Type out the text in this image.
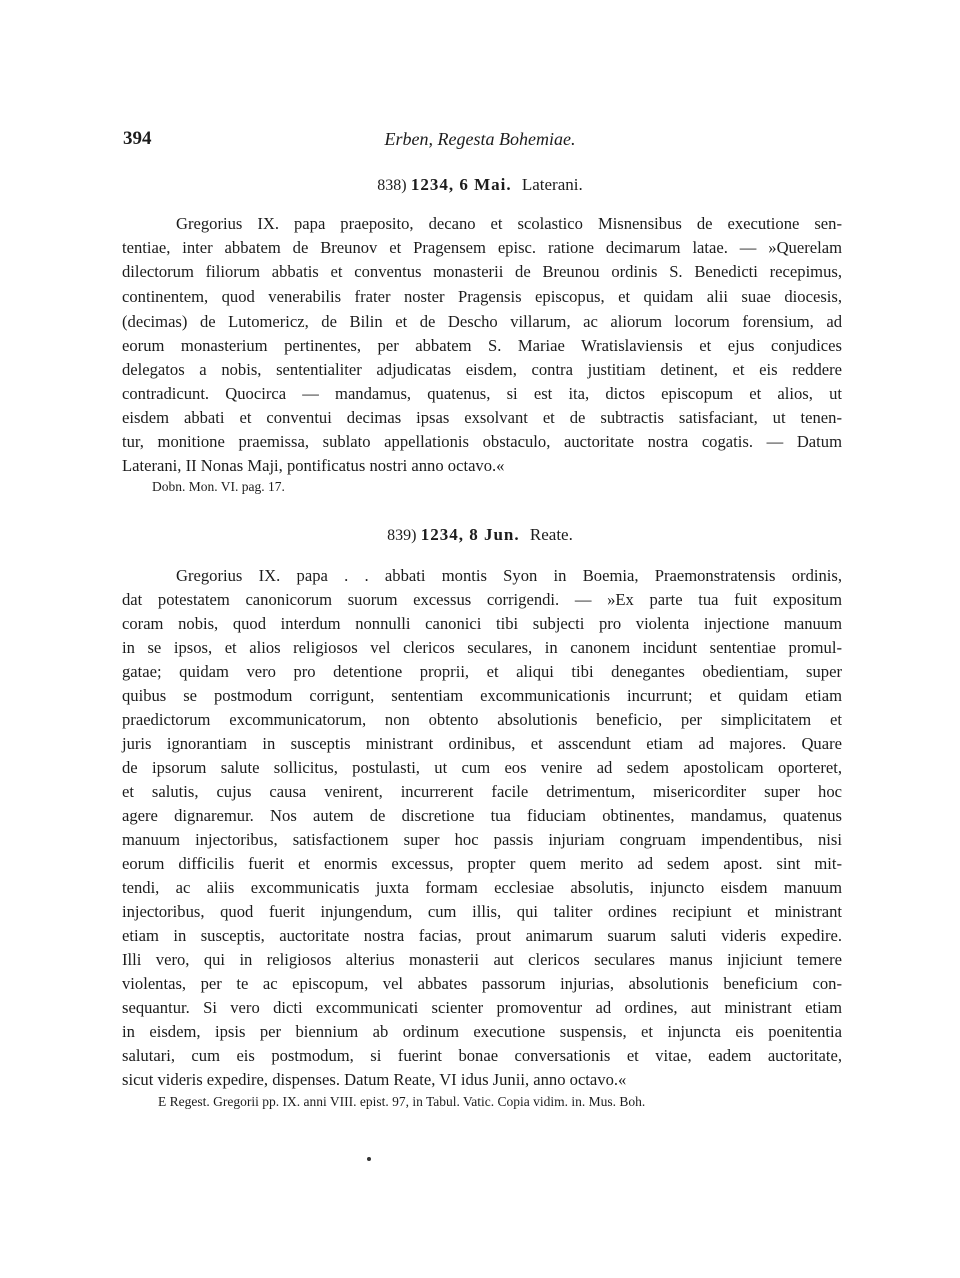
394	Erben, Regesta Bohemiae.
838) 1234, 6 Mai. Laterani.
Gregorius IX. papa praeposito, decano et scolastico Misnensibus de executione sen-
tentiae, inter abbatem de Breunov et Pragensem episc. ratione decimarum latae. — »Querelam
dilectorum filiorum abbatis et conventus monasterii de Breunou ordinis S. Benedicti recepimus,
continentem, quod venerabilis frater noster Pragensis episcopus, et quidam alii suae diocesis,
(decimas) de Lutomericz, de Bilin et de Descho villarum, ac aliorum locorum forensium, ad
eorum monasterium pertinentes, per abbatem S. Mariae Wratislaviensis et ejus conjudices
delegatos a nobis, sententialiter adjudicatas eisdem, contra justitiam detinent, et eis reddere
contradicunt. Quocirca — mandamus, quatenus, si est ita, dictos episcopum et alios, ut
eisdem abbati et conventui decimas ipsas exsolvant et de subtractis satisfaciant, ut tenen-
tur, monitione praemissa, sublato appellationis obstaculo, auctoritate nostra cogatis. — Datum
Laterani, II Nonas Maji, pontificatus nostri anno octavo.«
Dobn. Mon. VI. pag. 17.
839) 1234, 8 Jun. Reate.
Gregorius IX. papa . . abbati montis Syon in Boemia, Praemonstratensis ordinis,
dat potestatem canonicorum suorum excessus corrigendi. — »Ex parte tua fuit expositum
coram nobis, quod interdum nonnulli canonici tibi subjecti pro violenta injectione manuum
in se ipsos, et alios religiosos vel clericos seculares, in canonem incidunt sententiae promul-
gatae; quidam vero pro detentione proprii, et aliqui tibi denegantes obedientiam, super
quibus se postmodum corrigunt, sententiam excommunicationis incurrunt; et quidam etiam
praedictorum excommunicatorum, non obtento absolutionis beneficio, per simplicitatem et
juris ignorantiam in susceptis ministrant ordinibus, et asscendunt etiam ad majores. Quare
de ipsorum salute sollicitus, postulasti, ut cum eos venire ad sedem apostolicam oporteret,
et salutis, cujus causa venirent, incurrerent facile detrimentum, misericorditer super hoc
agere dignaremur. Nos autem de discretione tua fiduciam obtinentes, mandamus, quatenus
manuum injectoribus, satisfactionem super hoc passis injuriam congruam impendentibus, nisi
eorum difficilis fuerit et enormis excessus, propter quem merito ad sedem apost. sint mit-
tendi, ac aliis excommunicatis juxta formam ecclesiae absolutis, injuncto eisdem manuum
injectoribus, quod fuerit injungendum, cum illis, qui taliter ordines recipiunt et ministrant
etiam in susceptis, auctoritate nostra facias, prout animarum suarum saluti videris expedire.
Illi vero, qui in religiosos alterius monasterii aut clericos seculares manus injiciunt temere
violentas, per te ac episcopum, vel abbates passorum injurias, absolutionis beneficium con-
sequantur. Si vero dicti excommunicati scienter promoventur ad ordines, aut ministrant etiam
in eisdem, ipsis per biennium ab ordinum executione suspensis, et injuncta eis poenitentia
salutari, cum eis postmodum, si fuerint bonae conversationis et vitae, eadem auctoritate,
sicut videris expedire, dispenses. Datum Reate, VI idus Junii, anno octavo.«
E Regest. Gregorii pp. IX. anni VIII. epist. 97, in Tabul. Vatic. Copia vidim. in. Mus. Boh.
